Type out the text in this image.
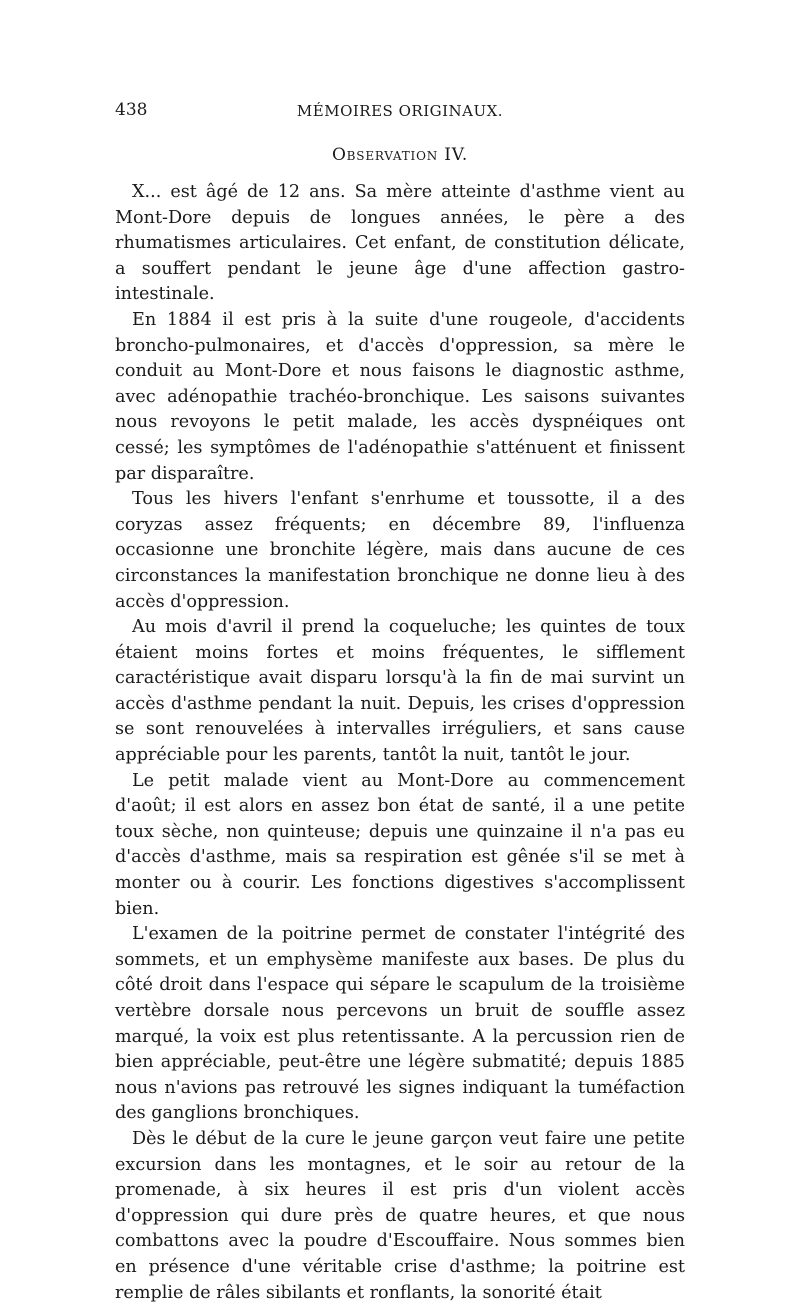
438	MÉMOIRES ORIGINAUX.
Observation IV.

X... est âgé de 12 ans. Sa mère atteinte d'asthme vient au Mont-Dore depuis de longues années, le père a des rhumatismes articulaires. Cet enfant, de constitution délicate, a souffert pendant le jeune âge d'une affection gastro-intestinale.

En 1884 il est pris à la suite d'une rougeole, d'accidents broncho-pulmonaires, et d'accès d'oppression, sa mère le conduit au Mont-Dore et nous faisons le diagnostic asthme, avec adénopathie trachéo-bronchique. Les saisons suivantes nous revoyons le petit malade, les accès dyspnéiques ont cessé; les symptômes de l'adénopathie s'atténuent et finissent par disparaître.

Tous les hivers l'enfant s'enrhume et toussotte, il a des coryzas assez fréquents; en décembre 89, l'influenza occasionne une bronchite légère, mais dans aucune de ces circonstances la manifestation bronchique ne donne lieu à des accès d'oppression.

Au mois d'avril il prend la coqueluche; les quintes de toux étaient moins fortes et moins fréquentes, le sifflement caractéristique avait disparu lorsqu'à la fin de mai survint un accès d'asthme pendant la nuit. Depuis, les crises d'oppression se sont renouvelées à intervalles irréguliers, et sans cause appréciable pour les parents, tantôt la nuit, tantôt le jour.

Le petit malade vient au Mont-Dore au commencement d'août; il est alors en assez bon état de santé, il a une petite toux sèche, non quinteuse; depuis une quinzaine il n'a pas eu d'accès d'asthme, mais sa respiration est gênée s'il se met à monter ou à courir. Les fonctions digestives s'accomplissent bien.

L'examen de la poitrine permet de constater l'intégrité des sommets, et un emphysème manifeste aux bases. De plus du côté droit dans l'espace qui sépare le scapulum de la troisième vertèbre dorsale nous percevons un bruit de souffle assez marqué, la voix est plus retentissante. A la percussion rien de bien appréciable, peut-être une légère submatité; depuis 1885 nous n'avions pas retrouvé les signes indiquant la tuméfaction des ganglions bronchiques.

Dès le début de la cure le jeune garçon veut faire une petite excursion dans les montagnes, et le soir au retour de la promenade, à six heures il est pris d'un violent accès d'oppression qui dure près de quatre heures, et que nous combattons avec la poudre d'Escouffaire. Nous sommes bien en présence d'une véritable crise d'asthme; la poitrine est remplie de râles sibilants et ronflants, la sonorité était
